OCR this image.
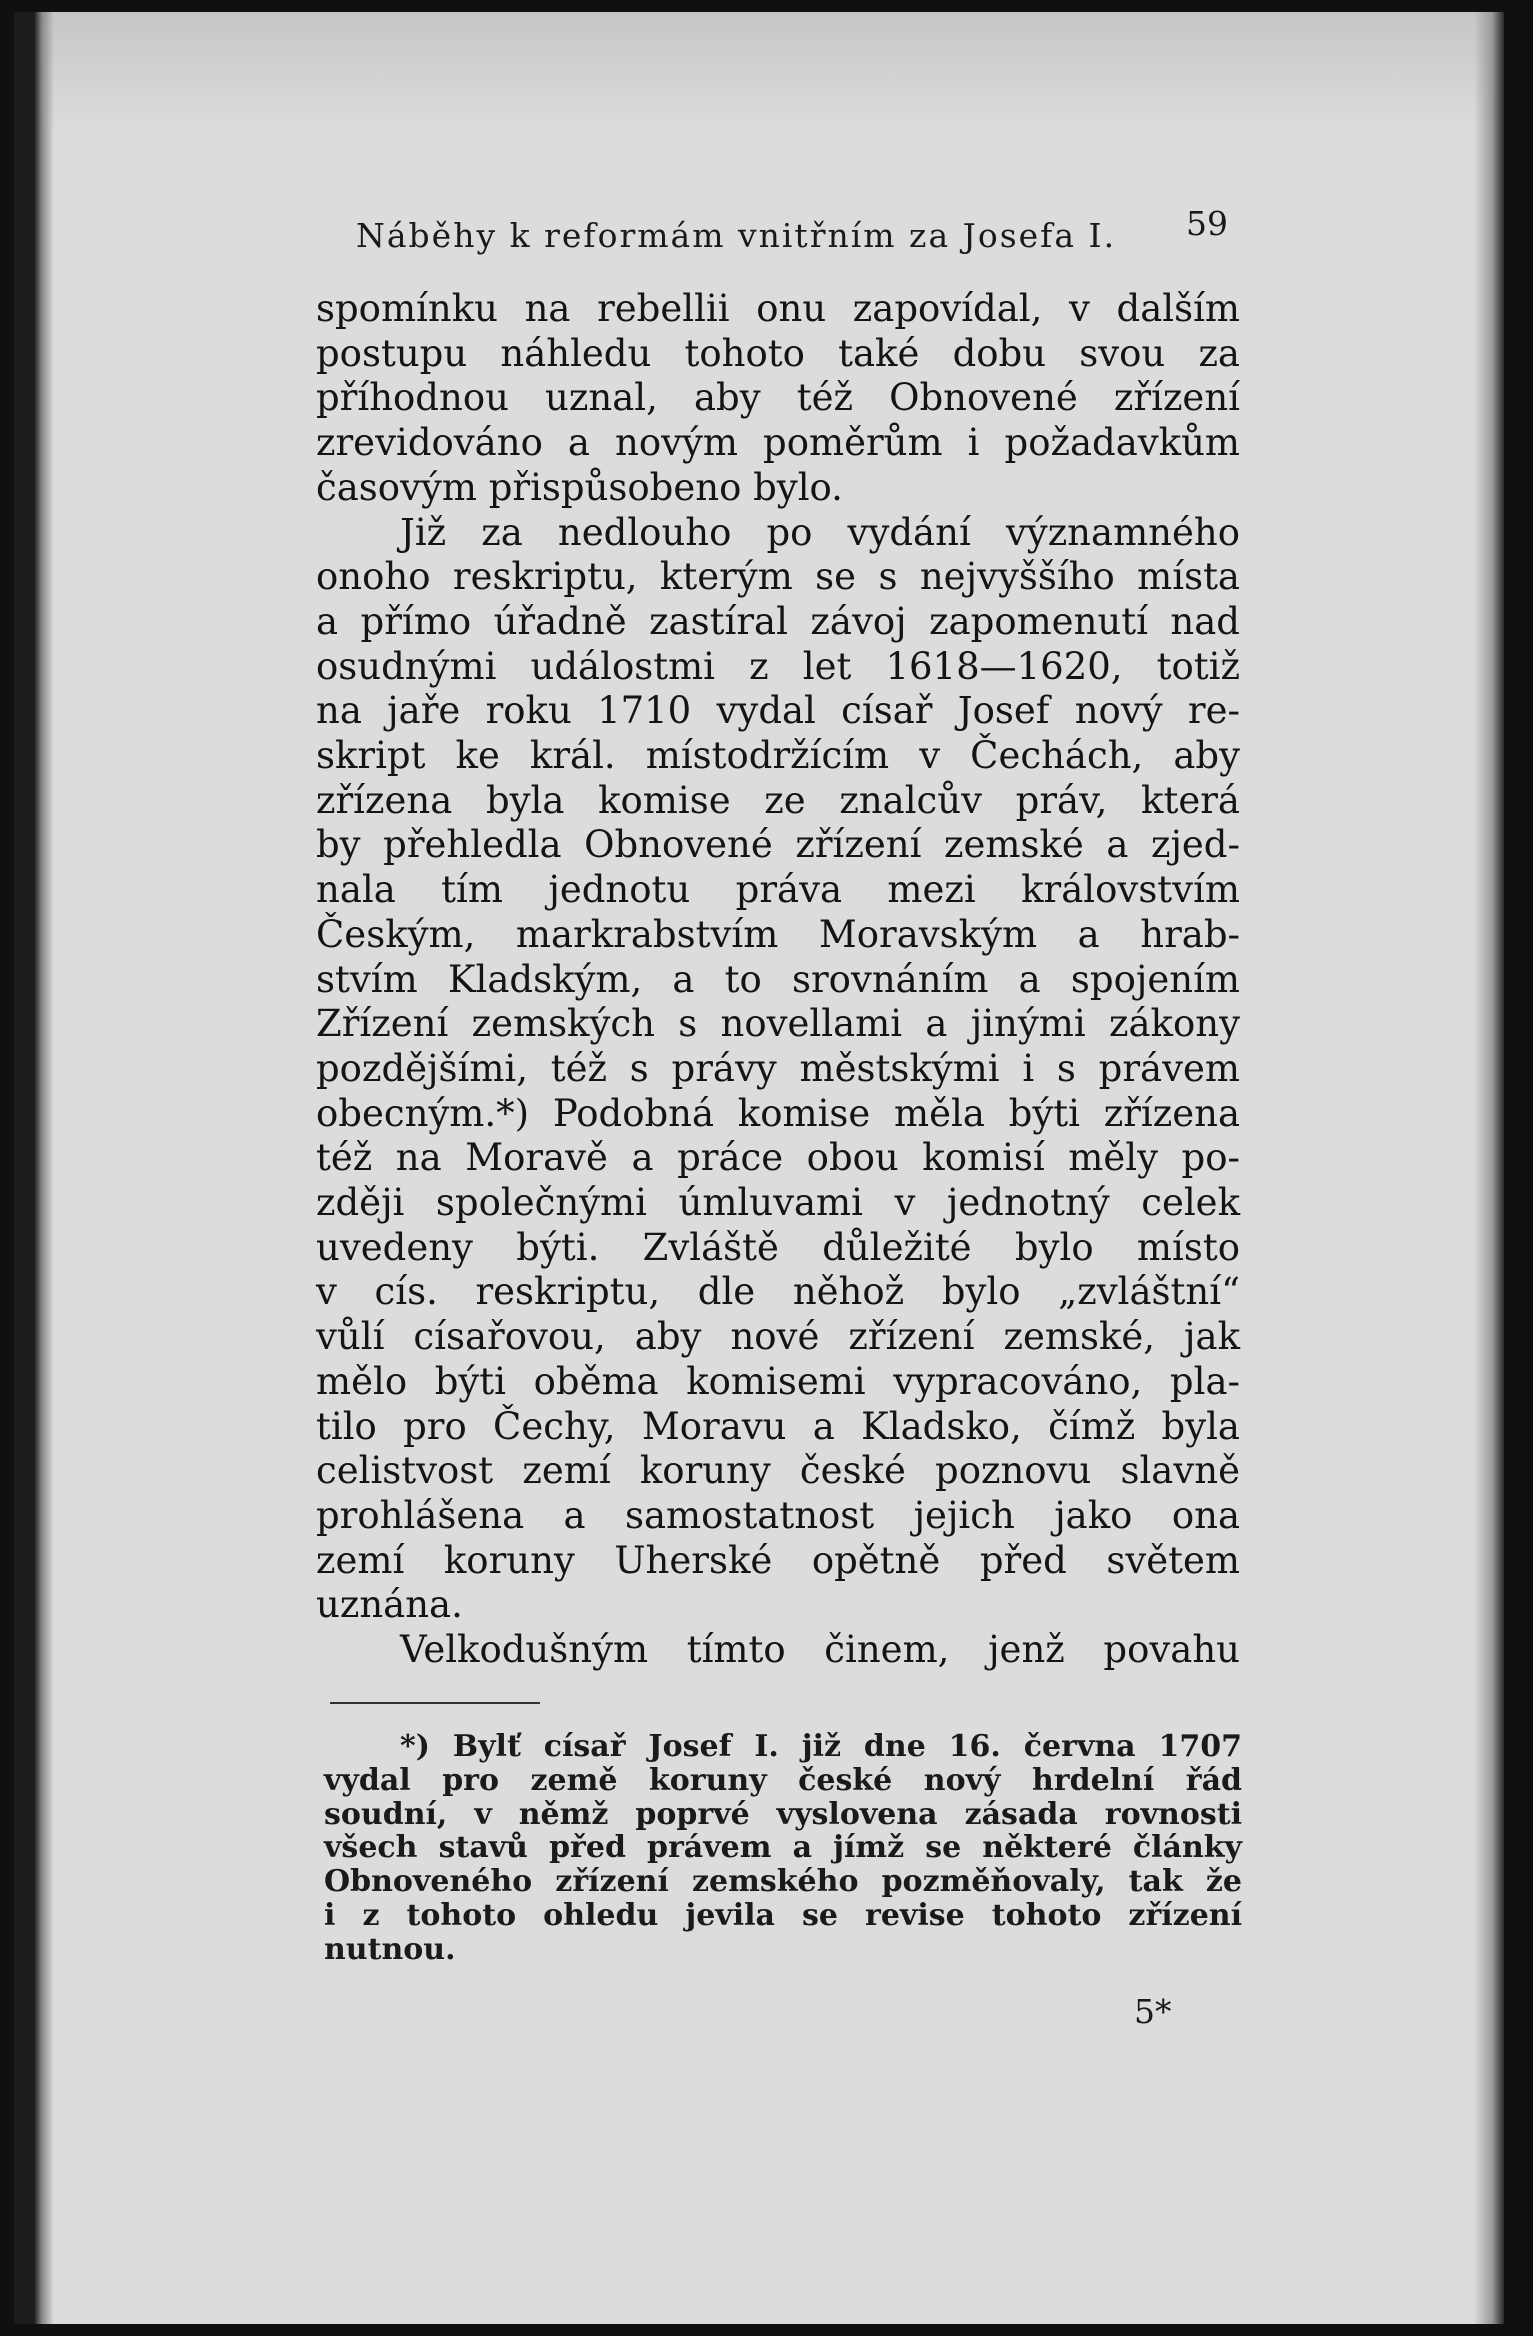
Náběhy k reformám vnitřním za Josefa I.	59
spomínku na rebellii onu zapovídal, v dalším
postupu náhledu tohoto také dobu svou za
příhodnou uznal, aby též Obnovené zřízení
zrevidováno a novým poměrům i požadavkům
časovým přispůsobeno bylo.
Již za nedlouho po vydání významného
onoho reskriptu, kterým se s nejvyššího místa
a přímo úřadně zastíral závoj zapomenutí nad
osudnými událostmi z let 1618—1620, totiž
na jaře roku 1710 vydal císař Josef nový re-
skript ke král. místodržícím v Čechách, aby
zřízena byla komise ze znalcův práv, která
by přehledla Obnovené zřízení zemské a zjed-
nala tím jednotu práva mezi královstvím
Českým, markrabstvím Moravským a hrab-
stvím Kladským, a to srovnáním a spojením
Zřízení zemských s novellami a jinými zákony
pozdějšími, též s právy městskými i s právem
obecným.*) Podobná komise měla býti zřízena
též na Moravě a práce obou komisí měly po-
zději společnými úmluvami v jednotný celek
uvedeny býti. Zvláště důležité bylo místo
v cís. reskriptu, dle něhož bylo „zvláštní“
vůlí císařovou, aby nové zřízení zemské, jak
mělo býti oběma komisemi vypracováno, pla-
tilo pro Čechy, Moravu a Kladsko, čímž byla
celistvost zemí koruny české poznovu slavně
prohlášena a samostatnost jejich jako ona
zemí koruny Uherské opětně před světem
uznána.
Velkodušným tímto činem, jenž povahu
*) Bylť císař Josef I. již dne 16. června 1707
vydal pro země koruny české nový hrdelní řád
soudní, v němž poprvé vyslovena zásada rovnosti
všech stavů před právem a jímž se některé články
Obnoveného zřízení zemského pozměňovaly, tak že
i z tohoto ohledu jevila se revise tohoto zřízení
nutnou.
5*
